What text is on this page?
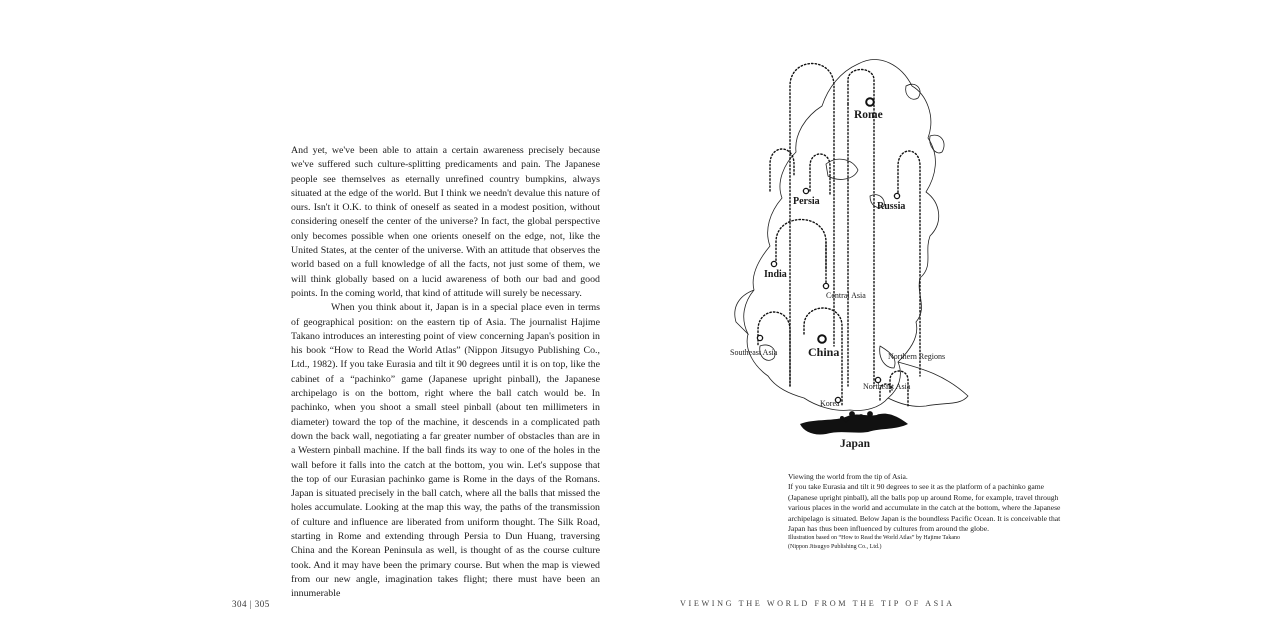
And yet, we've been able to attain a certain awareness precisely because we've suffered such culture-splitting predicaments and pain. The Japanese people see themselves as eternally unrefined country bumpkins, always situated at the edge of the world. But I think we needn't devalue this nature of ours. Isn't it O.K. to think of oneself as seated in a modest position, without considering oneself the center of the universe? In fact, the global perspective only becomes possible when one orients oneself on the edge, not, like the United States, at the center of the universe. With an attitude that observes the world based on a full knowledge of all the facts, not just some of them, we will think globally based on a lucid awareness of both our bad and good points. In the coming world, that kind of attitude will surely be necessary.

When you think about it, Japan is in a special place even in terms of geographical position: on the eastern tip of Asia. The journalist Hajime Takano introduces an interesting point of view concerning Japan's position in his book “How to Read the World Atlas” (Nippon Jitsugyo Publishing Co., Ltd., 1982). If you take Eurasia and tilt it 90 degrees until it is on top, like the cabinet of a “pachinko” game (Japanese upright pinball), the Japanese archipelago is on the bottom, right where the ball catch would be. In pachinko, when you shoot a small steel pinball (about ten millimeters in diameter) toward the top of the machine, it descends in a complicated path down the back wall, negotiating a far greater number of obstacles than are in a Western pinball machine. If the ball finds its way to one of the holes in the wall before it falls into the catch at the bottom, you win. Let's suppose that the top of our Eurasian pachinko game is Rome in the days of the Romans. Japan is situated precisely in the ball catch, where all the balls that missed the holes accumulate. Looking at the map this way, the paths of the transmission of culture and influence are liberated from uniform thought. The Silk Road, starting in Rome and extending through Persia to Dun Huang, traversing China and the Korean Peninsula as well, is thought of as the course culture took. And it may have been the primary course. But when the map is viewed from our new angle, imagination takes flight; there must have been an innumerable

304 | 305
Rome
Persia	Russia
India
Central Asia
Southeast Asia	China	Northern Regions
Northeast Asia
Korea
Japan

Viewing the world from the tip of Asia.

If you take Eurasia and tilt it 90 degrees to see it as the platform of a pachinko game (Japanese upright pinball), all the balls pop up around Rome, for example, travel through various places in the world and accumulate in the catch at the bottom, where the Japanese archipelago is situated. Below Japan is the boundless Pacific Ocean. It is conceivable that Japan has thus been influenced by cultures from around the globe.

Illustration based on “How to Read the World Atlas” by Hajime Takano

(Nippon Jitsugyo Publishing Co., Ltd.)

VIEWING THE WORLD FROM THE TIP OF ASIA
